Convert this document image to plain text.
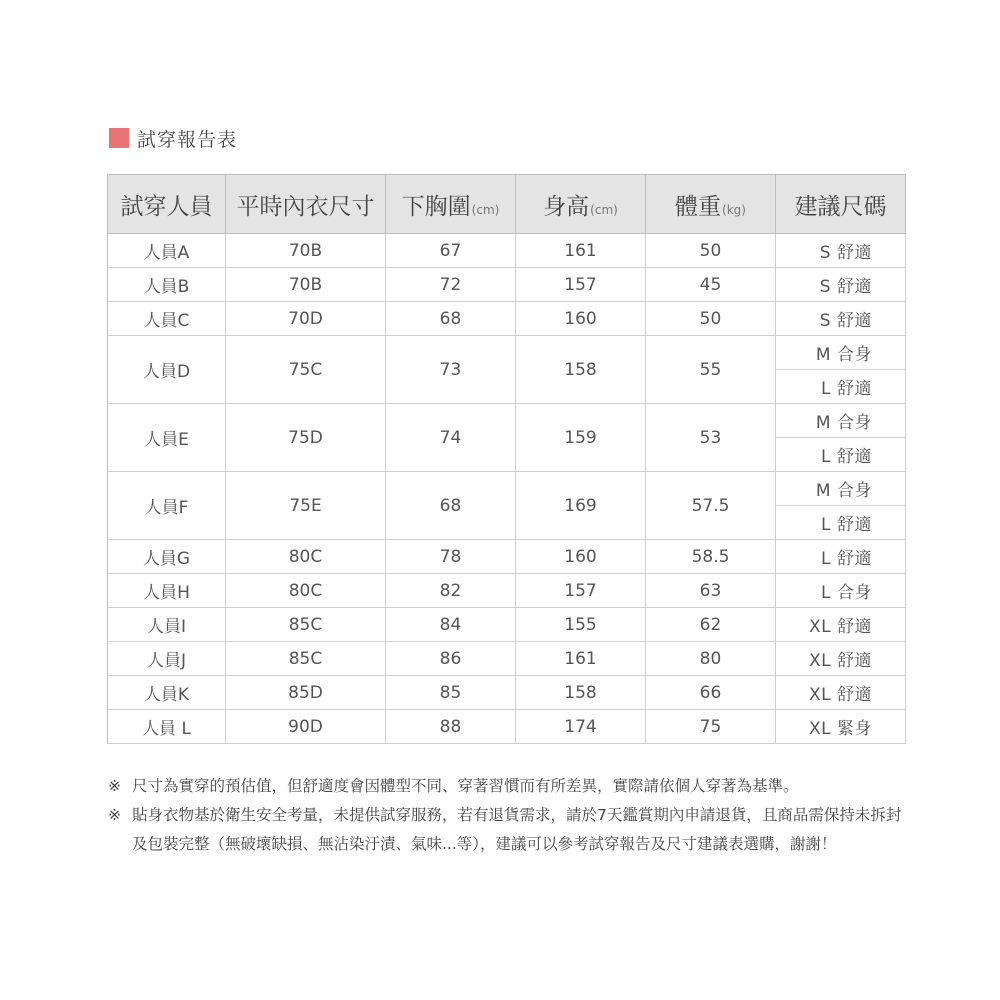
試穿報告表
試穿人員	平時內衣尺寸	下胸圍(cm)	身高(cm)	體重(kg)	建議尺碼
人員A	70B	67	161	50	S 舒適
人員B	70B	72	157	45	S 舒適
人員C	70D	68	160	50	S 舒適
人員D	75C	73	158	55	M 合身
					L 舒適
人員E	75D	74	159	53	M 合身
					L 舒適
人員F	75E	68	169	57.5	M 合身
					L 舒適
人員G	80C	78	160	58.5	L 舒適
人員H	80C	82	157	63	L 合身
人員I	85C	84	155	62	XL 舒適
人員J	85C	86	161	80	XL 舒適
人員K	85D	85	158	66	XL 舒適
人員 L	90D	88	174	75	XL 緊身
※ 尺寸為實穿的預估值，但舒適度會因體型不同、穿著習慣而有所差異，實際請依個人穿著為基準。
※ 貼身衣物基於衛生安全考量，未提供試穿服務，若有退貨需求，請於7天鑑賞期內申請退貨，且商品需保持未拆封及包裝完整（無破壞缺損、無沾染汙漬、氣味...等），建議可以參考試穿報告及尺寸建議表選購，謝謝！
